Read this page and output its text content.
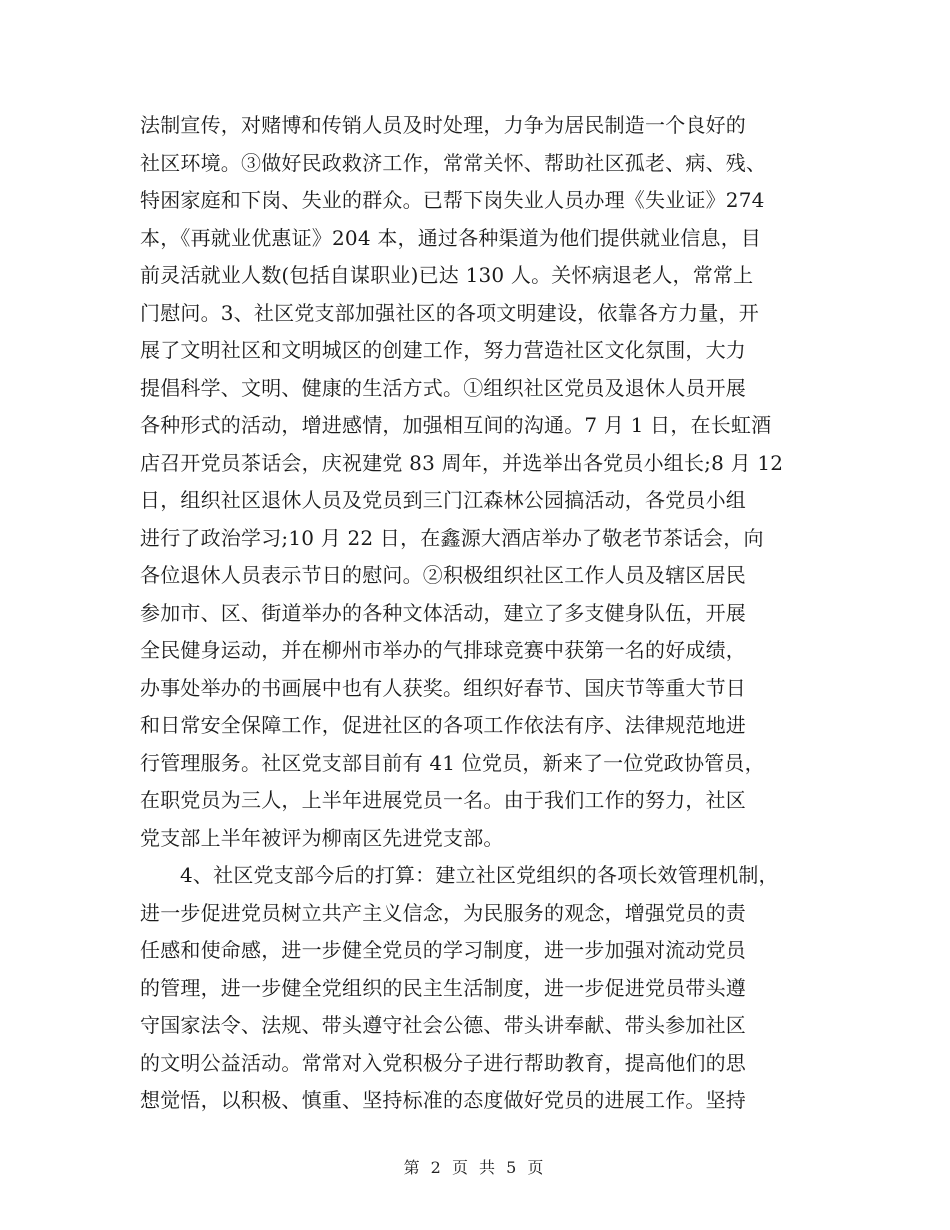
法制宣传，对赌博和传销人员及时处理，力争为居民制造一个良好的
社区环境。③做好民政救济工作，常常关怀、帮助社区孤老、病、残、
特困家庭和下岗、失业的群众。已帮下岗失业人员办理《失业证》274
本，《再就业优惠证》204 本，通过各种渠道为他们提供就业信息，目
前灵活就业人数(包括自谋职业)已达 130 人。关怀病退老人，常常上
门慰问。3、社区党支部加强社区的各项文明建设，依靠各方力量，开
展了文明社区和文明城区的创建工作，努力营造社区文化氛围，大力
提倡科学、文明、健康的生活方式。①组织社区党员及退休人员开展
各种形式的活动，增进感情，加强相互间的沟通。7 月 1 日，在长虹酒
店召开党员茶话会，庆祝建党 83 周年，并选举出各党员小组长;8 月 12
日，组织社区退休人员及党员到三门江森林公园搞活动，各党员小组
进行了政治学习;10 月 22 日，在鑫源大酒店举办了敬老节茶话会，向
各位退休人员表示节日的慰问。②积极组织社区工作人员及辖区居民
参加市、区、街道举办的各种文体活动，建立了多支健身队伍，开展
全民健身运动，并在柳州市举办的气排球竞赛中获第一名的好成绩，
办事处举办的书画展中也有人获奖。组织好春节、国庆节等重大节日
和日常安全保障工作，促进社区的各项工作依法有序、法律规范地进
行管理服务。社区党支部目前有 41 位党员，新来了一位党政协管员，
在职党员为三人，上半年进展党员一名。由于我们工作的努力，社区
党支部上半年被评为柳南区先进党支部。
4、社区党支部今后的打算：建立社区党组织的各项长效管理机制，
进一步促进党员树立共产主义信念，为民服务的观念，增强党员的责
任感和使命感，进一步健全党员的学习制度，进一步加强对流动党员
的管理，进一步健全党组织的民主生活制度，进一步促进党员带头遵
守国家法令、法规、带头遵守社会公德、带头讲奉献、带头参加社区
的文明公益活动。常常对入党积极分子进行帮助教育，提高他们的思
想觉悟，以积极、慎重、坚持标准的态度做好党员的进展工作。坚持
第 2 页 共 5 页
